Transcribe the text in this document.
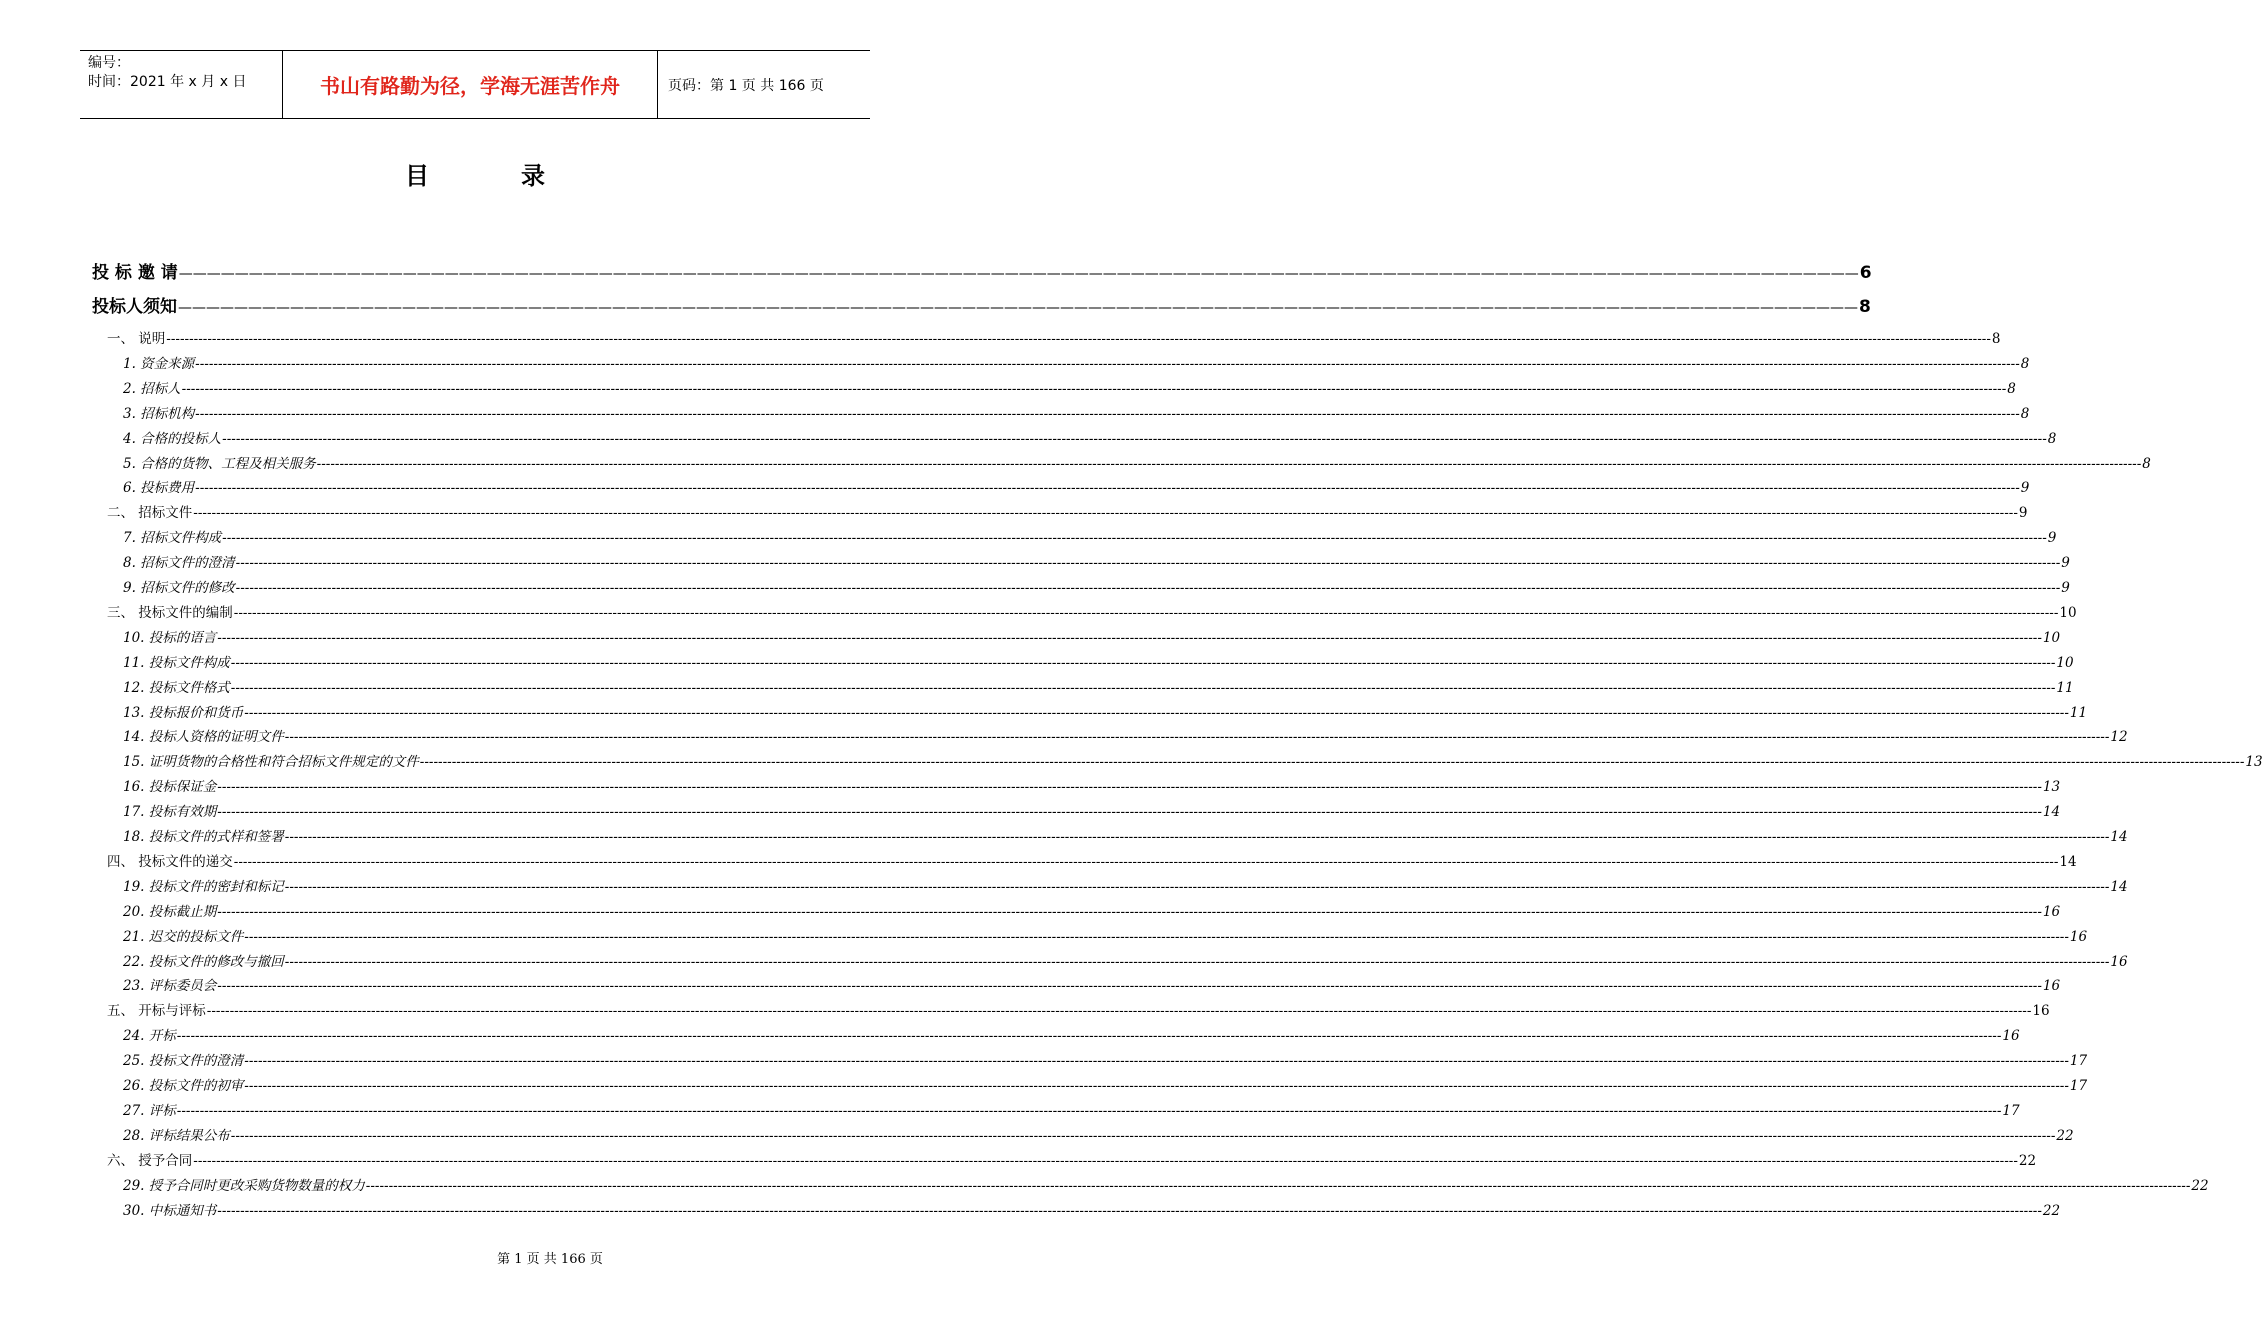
编号：
时间：2021 年 x 月 x 日	书山有路勤为径，学海无涯苦作舟	页码：第 1 页 共 166 页
目录
投 标 邀 请 ———————————————————————————————————————————————————————————————————————————————————————————————————————————————————————— 6
投标人须知 ———————————————————————————————————————————————————————————————————————————————————————————————————————————————————————— 8
一、 说明 ---------------------------------------------------------------------------------------------------------------------------------------------------------------------------------------------------------------------------------------------------------------------------------------------------------------------------------------------------------------------------------------------------------------- 8
1. 资金来源 ---------------------------------------------------------------------------------------------------------------------------------------------------------------------------------------------------------------------------------------------------------------------------------------------------------------------------------------------------------------------------------------------------------------- 8
2. 招标人 ---------------------------------------------------------------------------------------------------------------------------------------------------------------------------------------------------------------------------------------------------------------------------------------------------------------------------------------------------------------------------------------------------------------- 8
3. 招标机构 ---------------------------------------------------------------------------------------------------------------------------------------------------------------------------------------------------------------------------------------------------------------------------------------------------------------------------------------------------------------------------------------------------------------- 8
4. 合格的投标人 ---------------------------------------------------------------------------------------------------------------------------------------------------------------------------------------------------------------------------------------------------------------------------------------------------------------------------------------------------------------------------------------------------------------- 8
5. 合格的货物、工程及相关服务 ---------------------------------------------------------------------------------------------------------------------------------------------------------------------------------------------------------------------------------------------------------------------------------------------------------------------------------------------------------------------------------------------------------------- 8
6. 投标费用 ---------------------------------------------------------------------------------------------------------------------------------------------------------------------------------------------------------------------------------------------------------------------------------------------------------------------------------------------------------------------------------------------------------------- 9
二、 招标文件 ---------------------------------------------------------------------------------------------------------------------------------------------------------------------------------------------------------------------------------------------------------------------------------------------------------------------------------------------------------------------------------------------------------------- 9
7. 招标文件构成 ---------------------------------------------------------------------------------------------------------------------------------------------------------------------------------------------------------------------------------------------------------------------------------------------------------------------------------------------------------------------------------------------------------------- 9
8. 招标文件的澄清 ---------------------------------------------------------------------------------------------------------------------------------------------------------------------------------------------------------------------------------------------------------------------------------------------------------------------------------------------------------------------------------------------------------------- 9
9. 招标文件的修改 ---------------------------------------------------------------------------------------------------------------------------------------------------------------------------------------------------------------------------------------------------------------------------------------------------------------------------------------------------------------------------------------------------------------- 9
三、 投标文件的编制 ---------------------------------------------------------------------------------------------------------------------------------------------------------------------------------------------------------------------------------------------------------------------------------------------------------------------------------------------------------------------------------------------------------------- 10
10. 投标的语言 ---------------------------------------------------------------------------------------------------------------------------------------------------------------------------------------------------------------------------------------------------------------------------------------------------------------------------------------------------------------------------------------------------------------- 10
11. 投标文件构成 ---------------------------------------------------------------------------------------------------------------------------------------------------------------------------------------------------------------------------------------------------------------------------------------------------------------------------------------------------------------------------------------------------------------- 10
12. 投标文件格式 ---------------------------------------------------------------------------------------------------------------------------------------------------------------------------------------------------------------------------------------------------------------------------------------------------------------------------------------------------------------------------------------------------------------- 11
13. 投标报价和货币 ---------------------------------------------------------------------------------------------------------------------------------------------------------------------------------------------------------------------------------------------------------------------------------------------------------------------------------------------------------------------------------------------------------------- 11
14. 投标人资格的证明文件 ---------------------------------------------------------------------------------------------------------------------------------------------------------------------------------------------------------------------------------------------------------------------------------------------------------------------------------------------------------------------------------------------------------------- 12
15. 证明货物的合格性和符合招标文件规定的文件 ---------------------------------------------------------------------------------------------------------------------------------------------------------------------------------------------------------------------------------------------------------------------------------------------------------------------------------------------------------------------------------------------------------------- 13
16. 投标保证金 ---------------------------------------------------------------------------------------------------------------------------------------------------------------------------------------------------------------------------------------------------------------------------------------------------------------------------------------------------------------------------------------------------------------- 13
17. 投标有效期 ---------------------------------------------------------------------------------------------------------------------------------------------------------------------------------------------------------------------------------------------------------------------------------------------------------------------------------------------------------------------------------------------------------------- 14
18. 投标文件的式样和签署 ---------------------------------------------------------------------------------------------------------------------------------------------------------------------------------------------------------------------------------------------------------------------------------------------------------------------------------------------------------------------------------------------------------------- 14
四、 投标文件的递交 ---------------------------------------------------------------------------------------------------------------------------------------------------------------------------------------------------------------------------------------------------------------------------------------------------------------------------------------------------------------------------------------------------------------- 14
19. 投标文件的密封和标记 ---------------------------------------------------------------------------------------------------------------------------------------------------------------------------------------------------------------------------------------------------------------------------------------------------------------------------------------------------------------------------------------------------------------- 14
20. 投标截止期 ---------------------------------------------------------------------------------------------------------------------------------------------------------------------------------------------------------------------------------------------------------------------------------------------------------------------------------------------------------------------------------------------------------------- 16
21. 迟交的投标文件 ---------------------------------------------------------------------------------------------------------------------------------------------------------------------------------------------------------------------------------------------------------------------------------------------------------------------------------------------------------------------------------------------------------------- 16
22. 投标文件的修改与撤回 ---------------------------------------------------------------------------------------------------------------------------------------------------------------------------------------------------------------------------------------------------------------------------------------------------------------------------------------------------------------------------------------------------------------- 16
23. 评标委员会 ---------------------------------------------------------------------------------------------------------------------------------------------------------------------------------------------------------------------------------------------------------------------------------------------------------------------------------------------------------------------------------------------------------------- 16
五、 开标与评标 ---------------------------------------------------------------------------------------------------------------------------------------------------------------------------------------------------------------------------------------------------------------------------------------------------------------------------------------------------------------------------------------------------------------- 16
24. 开标 ---------------------------------------------------------------------------------------------------------------------------------------------------------------------------------------------------------------------------------------------------------------------------------------------------------------------------------------------------------------------------------------------------------------- 16
25. 投标文件的澄清 ---------------------------------------------------------------------------------------------------------------------------------------------------------------------------------------------------------------------------------------------------------------------------------------------------------------------------------------------------------------------------------------------------------------- 17
26. 投标文件的初审 ---------------------------------------------------------------------------------------------------------------------------------------------------------------------------------------------------------------------------------------------------------------------------------------------------------------------------------------------------------------------------------------------------------------- 17
27. 评标 ---------------------------------------------------------------------------------------------------------------------------------------------------------------------------------------------------------------------------------------------------------------------------------------------------------------------------------------------------------------------------------------------------------------- 17
28. 评标结果公布 ---------------------------------------------------------------------------------------------------------------------------------------------------------------------------------------------------------------------------------------------------------------------------------------------------------------------------------------------------------------------------------------------------------------- 22
六、 授予合同 ---------------------------------------------------------------------------------------------------------------------------------------------------------------------------------------------------------------------------------------------------------------------------------------------------------------------------------------------------------------------------------------------------------------- 22
29. 授予合同时更改采购货物数量的权力 ---------------------------------------------------------------------------------------------------------------------------------------------------------------------------------------------------------------------------------------------------------------------------------------------------------------------------------------------------------------------------------------------------------------- 22
30. 中标通知书 ---------------------------------------------------------------------------------------------------------------------------------------------------------------------------------------------------------------------------------------------------------------------------------------------------------------------------------------------------------------------------------------------------------------- 22
第 1 页 共 166 页
